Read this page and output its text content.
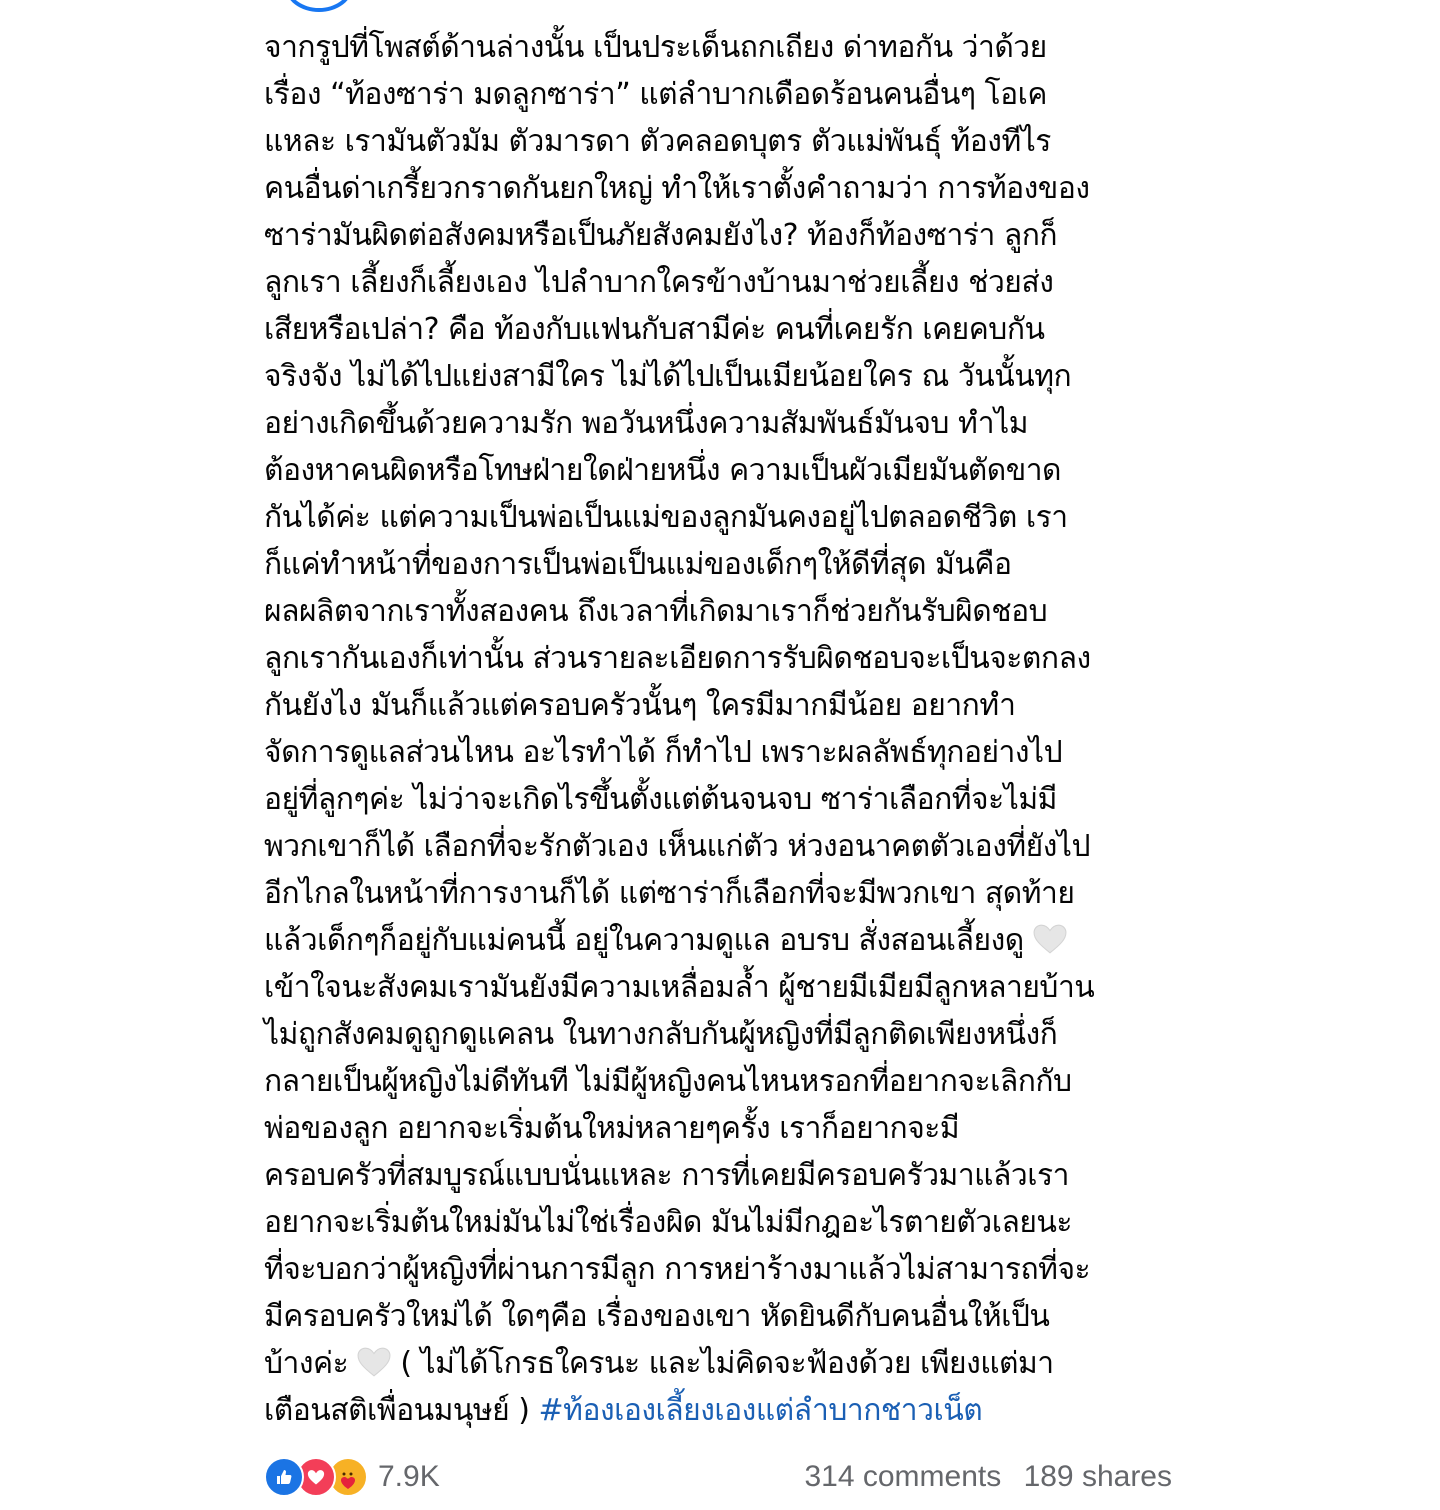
จากรูปที่โพสต์ด้านล่างนั้น เป็นประเด็นถกเถียง ด่าทอกัน ว่าด้วย
เรื่อง “ท้องซาร่า มดลูกซาร่า” แต่ลำบากเดือดร้อนคนอื่นๆ โอเค
แหละ เรามันตัวมัม ตัวมารดา ตัวคลอดบุตร ตัวแม่พันธุ์ ท้องทีไร
คนอื่นด่าเกรี้ยวกราดกันยกใหญ่ ทำให้เราตั้งคำถามว่า การท้องของ
ซาร่ามันผิดต่อสังคมหรือเป็นภัยสังคมยังไง? ท้องก็ท้องซาร่า ลูกก็
ลูกเรา เลี้ยงก็เลี้ยงเอง ไปลำบากใครข้างบ้านมาช่วยเลี้ยง ช่วยส่ง
เสียหรือเปล่า? คือ ท้องกับแฟนกับสามีค่ะ คนที่เคยรัก เคยคบกัน
จริงจัง ไม่ได้ไปแย่งสามีใคร ไม่ได้ไปเป็นเมียน้อยใคร ณ วันนั้นทุก
อย่างเกิดขึ้นด้วยความรัก พอวันหนึ่งความสัมพันธ์มันจบ ทำไม
ต้องหาคนผิดหรือโทษฝ่ายใดฝ่ายหนึ่ง ความเป็นผัวเมียมันตัดขาด
กันได้ค่ะ แต่ความเป็นพ่อเป็นแม่ของลูกมันคงอยู่ไปตลอดชีวิต เรา
ก็แค่ทำหน้าที่ของการเป็นพ่อเป็นแม่ของเด็กๆให้ดีที่สุด มันคือ
ผลผลิตจากเราทั้งสองคน ถึงเวลาที่เกิดมาเราก็ช่วยกันรับผิดชอบ
ลูกเรากันเองก็เท่านั้น ส่วนรายละเอียดการรับผิดชอบจะเป็นจะตกลง
กันยังไง มันก็แล้วแต่ครอบครัวนั้นๆ ใครมีมากมีน้อย อยากทำ
จัดการดูแลส่วนไหน อะไรทำได้ ก็ทำไป เพราะผลลัพธ์ทุกอย่างไป
อยู่ที่ลูกๆค่ะ ไม่ว่าจะเกิดไรขึ้นตั้งแต่ต้นจนจบ ซาร่าเลือกที่จะไม่มี
พวกเขาก็ได้ เลือกที่จะรักตัวเอง เห็นแก่ตัว ห่วงอนาคตตัวเองที่ยังไป
อีกไกลในหน้าที่การงานก็ได้ แต่ซาร่าก็เลือกที่จะมีพวกเขา สุดท้าย
แล้วเด็กๆก็อยู่กับแม่คนนี้ อยู่ในความดูแล อบรบ สั่งสอนเลี้ยงดู
เข้าใจนะสังคมเรามันยังมีความเหลื่อมล้ำ ผู้ชายมีเมียมีลูกหลายบ้าน
ไม่ถูกสังคมดูถูกดูแคลน ในทางกลับกันผู้หญิงที่มีลูกติดเพียงหนึ่งก็
กลายเป็นผู้หญิงไม่ดีทันที ไม่มีผู้หญิงคนไหนหรอกที่อยากจะเลิกกับ
พ่อของลูก อยากจะเริ่มต้นใหม่หลายๆครั้ง เราก็อยากจะมี
ครอบครัวที่สมบูรณ์แบบนั่นแหละ การที่เคยมีครอบครัวมาแล้วเรา
อยากจะเริ่มต้นใหม่มันไม่ใช่เรื่องผิด มันไม่มีกฎอะไรตายตัวเลยนะ
ที่จะบอกว่าผู้หญิงที่ผ่านการมีลูก การหย่าร้างมาแล้วไม่สามารถที่จะ
มีครอบครัวใหม่ได้ ใดๆคือ เรื่องของเขา หัดยินดีกับคนอื่นให้เป็น
บ้างค่ะ ( ไม่ได้โกรธใครนะ และไม่คิดจะฟ้องด้วย เพียงแต่มา
เตือนสติเพื่อนมนุษย์ ) #ท้องเองเลี้ยงเองแต่ลำบากชาวเน็ต
7.9K	314 comments 189 shares
